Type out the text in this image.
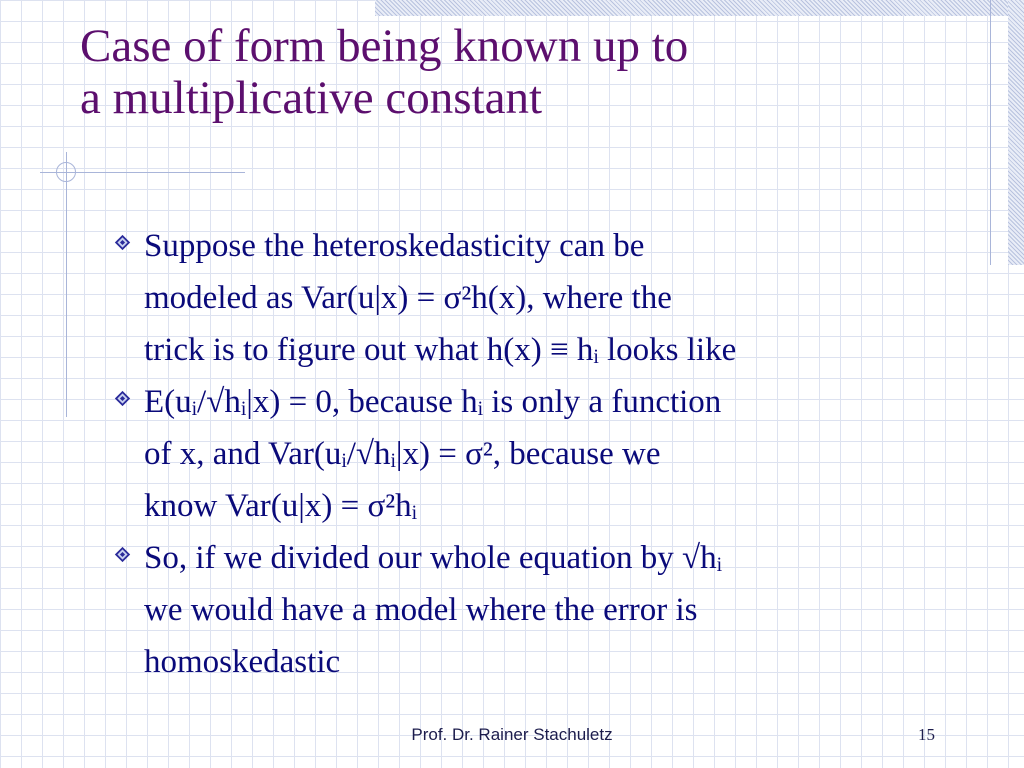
Case of form being known up to
a multiplicative constant
Suppose the heteroskedasticity can be
modeled as Var(u|x) = σ²h(x), where the
trick is to figure out what h(x) ≡ hᵢ looks like
E(uᵢ/√hᵢ|x) = 0, because hᵢ is only a function
of x, and Var(uᵢ/√hᵢ|x) = σ², because we
know Var(u|x) = σ²hᵢ
So, if we divided our whole equation by √hᵢ
we would have a model where the error is
homoskedastic
Prof. Dr. Rainer Stachuletz	15
